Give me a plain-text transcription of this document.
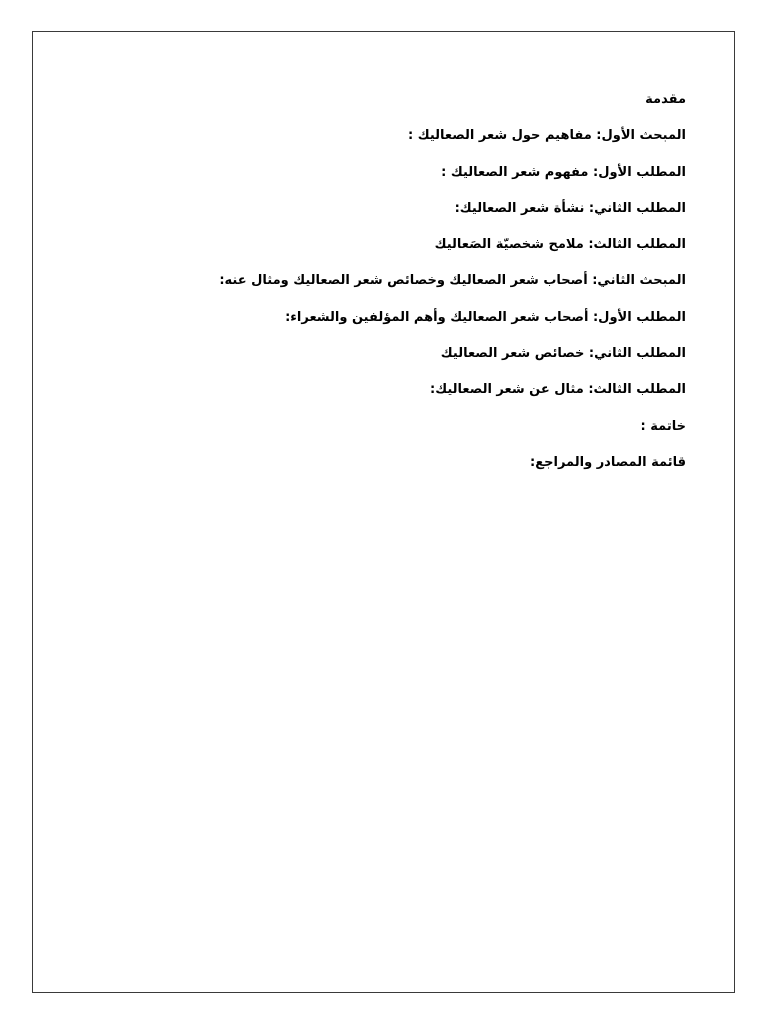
مقدمة
المبحث الأول: مفاهيم حول شعر الصعاليك :
المطلب الأول: مفهوم شعر الصعاليك :
المطلب الثاني: نشأة شعر الصعاليك:
المطلب الثالث: ملامح شخصيّة الصَعاليك
المبحث الثاني: أصحاب شعر الصعاليك وخصائص شعر الصعاليك ومثال عنه:
المطلب الأول: أصحاب شعر الصعاليك وأهم المؤلفين والشعراء:
المطلب الثاني: خصائص شعر الصعاليك
المطلب الثالث: مثال عن شعر الصعاليك:
خاتمة :
قائمة المصادر والمراجع:
